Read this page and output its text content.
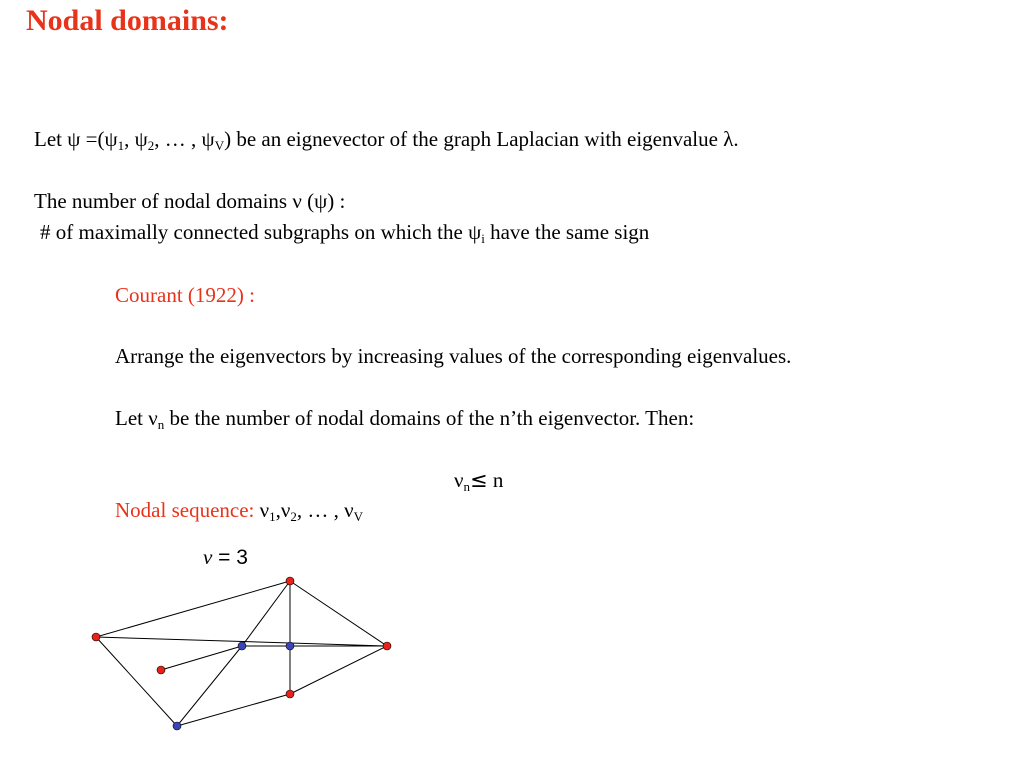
Nodal domains:
Let $\psi =(\psi_1$, $\psi_2$, … , $\psi_V$) be an eignevector of the graph Laplacian with eigenvalue λ.
The number of nodal domains ν (ψ) :
# of maximally connected subgraphs on which the $\psi_i$ have the same sign
Courant (1922) :
Arrange the eigenvectors by increasing values of the corresponding eigenvalues.
Let $\nu_n$ be the number of nodal domains of the n’th eigenvector. Then:
$\nu_n\le n$
Nodal sequence: $\nu_1,\nu_2$, … , $\nu_V$
ν = 3
